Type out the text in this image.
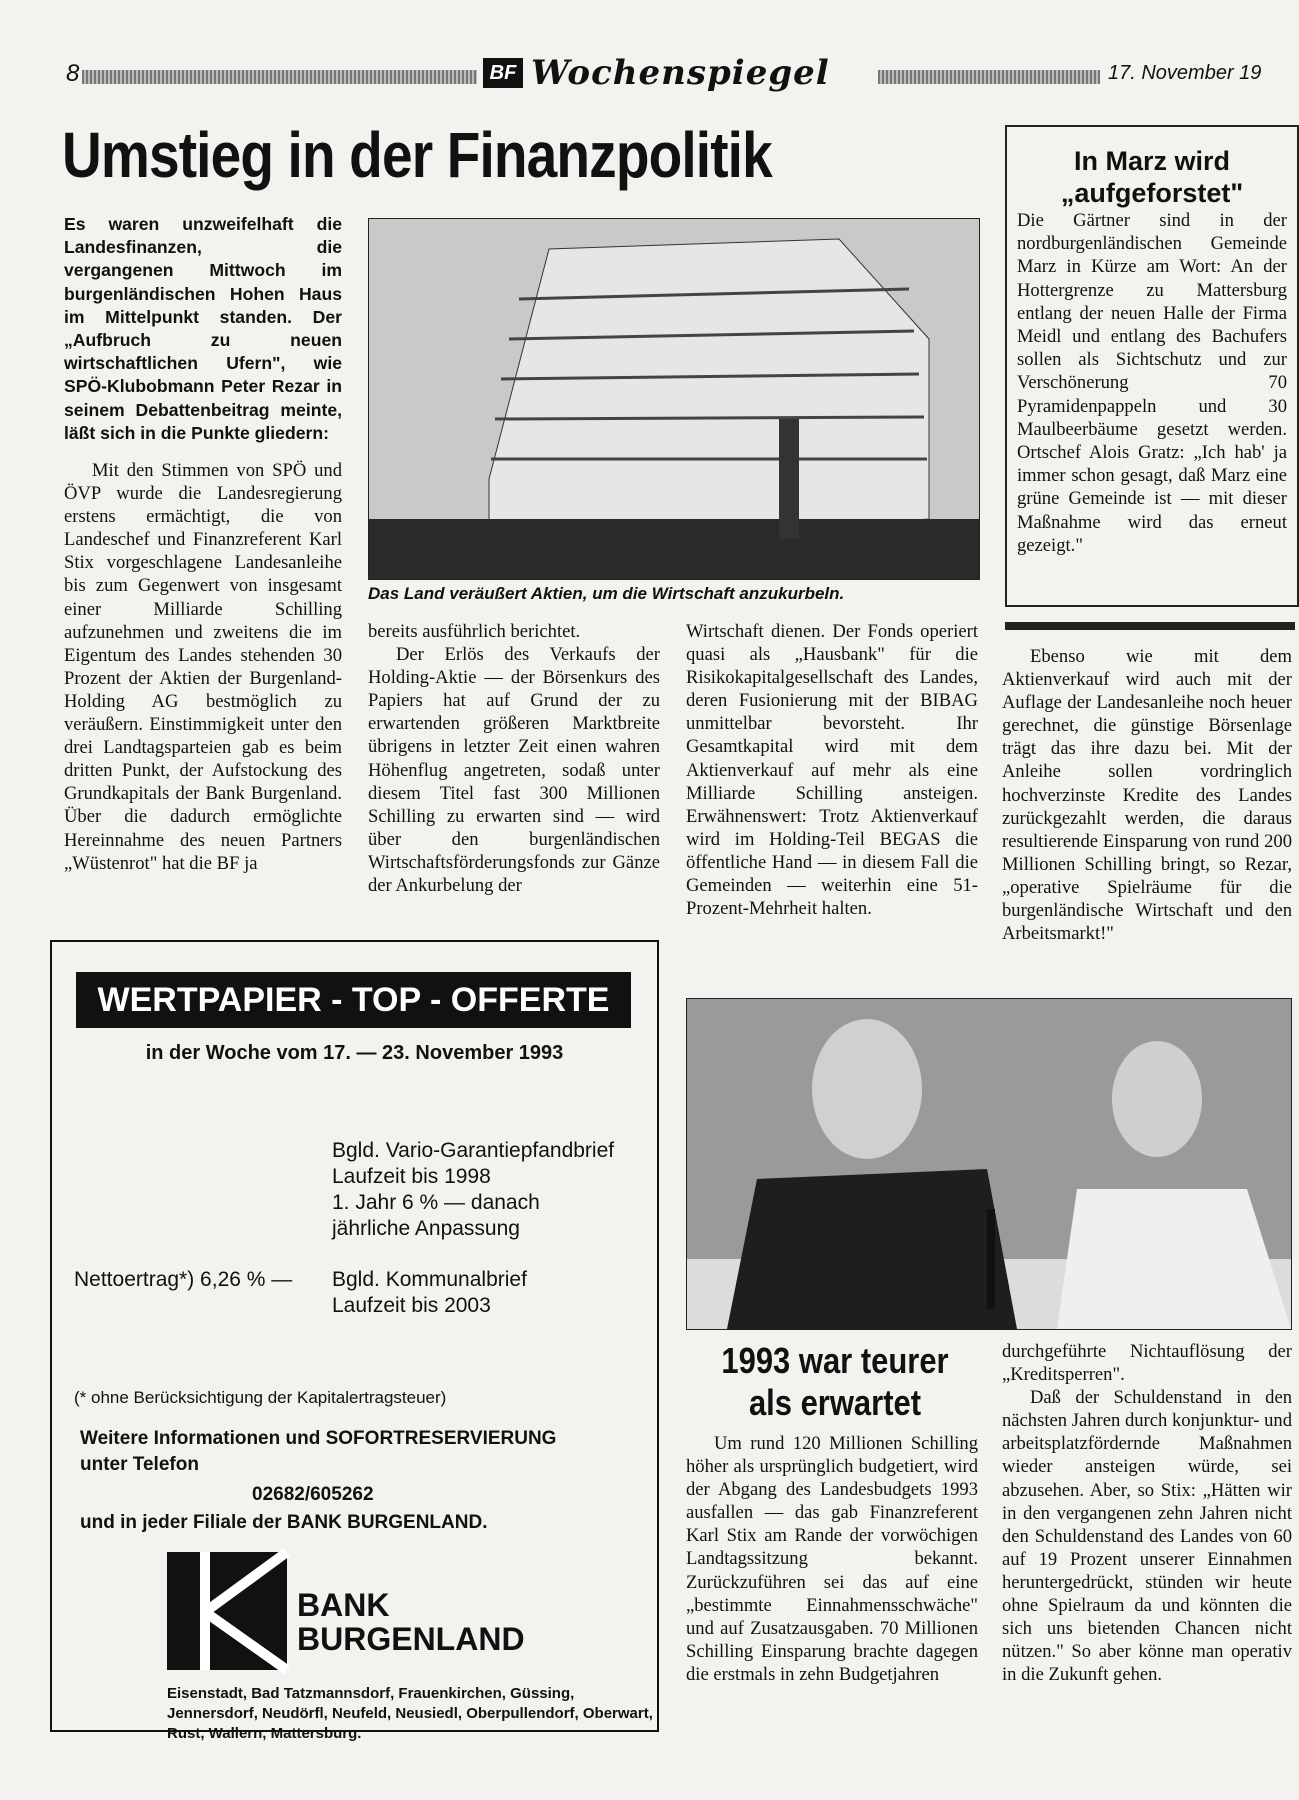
8	BF Wochenspiegel	17. November 19
Umstieg in der Finanzpolitik
Es waren unzweifelhaft die Landesfinanzen, die vergangenen Mittwoch im burgenländischen Hohen Haus im Mittelpunkt standen. Der „Aufbruch zu neuen wirtschaftlichen Ufern", wie SPÖ-Klubobmann Peter Rezar in seinem Debattenbeitrag meinte, läßt sich in die Punkte gliedern:

Mit den Stimmen von SPÖ und ÖVP wurde die Landesregierung erstens ermächtigt, die von Landeschef und Finanzreferent Karl Stix vorgeschlagene Landesanleihe bis zum Gegenwert von insgesamt einer Milliarde Schilling aufzunehmen und zweitens die im Eigentum des Landes stehenden 30 Prozent der Aktien der Burgenland-Holding AG bestmöglich zu veräußern. Einstimmigkeit unter den drei Landtagsparteien gab es beim dritten Punkt, der Aufstockung des Grundkapitals der Bank Burgenland. Über die dadurch ermöglichte Hereinnahme des neuen Partners „Wüstenrot" hat die BF ja

Das Land veräußert Aktien, um die Wirtschaft anzukurbeln.

bereits ausführlich berichtet.

Der Erlös des Verkaufs der Holding-Aktie — der Börsenkurs des Papiers hat auf Grund der zu erwartenden größeren Marktbreite übrigens in letzter Zeit einen wahren Höhenflug angetreten, sodaß unter diesem Titel fast 300 Millionen Schilling zu erwarten sind — wird über den burgenländischen Wirtschaftsförderungsfonds zur Gänze der Ankurbelung der

Wirtschaft dienen. Der Fonds operiert quasi als „Hausbank" für die Risikokapitalgesellschaft des Landes, deren Fusionierung mit der BIBAG unmittelbar bevorsteht. Ihr Gesamtkapital wird mit dem Aktienverkauf auf mehr als eine Milliarde Schilling ansteigen. Erwähnenswert: Trotz Aktienverkauf wird im Holding-Teil BEGAS die öffentliche Hand — in diesem Fall die Gemeinden — weiterhin eine 51-Prozent-Mehrheit halten.

In Marz wird
„aufgeforstet"
Die Gärtner sind in der nordburgenländischen Gemeinde Marz in Kürze am Wort: An der Hottergrenze zu Mattersburg entlang der neuen Halle der Firma Meidl und entlang des Bachufers sollen als Sichtschutz und zur Verschönerung 70 Pyramidenpappeln und 30 Maulbeerbäume gesetzt werden. Ortschef Alois Gratz: „Ich hab' ja immer schon gesagt, daß Marz eine grüne Gemeinde ist — mit dieser Maßnahme wird das erneut gezeigt."

Ebenso wie mit dem Aktienverkauf wird auch mit der Auflage der Landesanleihe noch heuer gerechnet, die günstige Börsenlage trägt das ihre dazu bei. Mit der Anleihe sollen vordringlich hochverzinste Kredite des Landes zurückgezahlt werden, die daraus resultierende Einsparung von rund 200 Millionen Schilling bringt, so Rezar, „operative Spielräume für die burgenländische Wirtschaft und den Arbeitsmarkt!"

WERTPAPIER - TOP - OFFERTE
in der Woche vom 17. — 23. November 1993
Bgld. Vario-Garantiepfandbrief
Laufzeit bis 1998
1. Jahr 6 % — danach
jährliche Anpassung
Nettoertrag*) 6,26 % — Bgld. Kommunalbrief
Laufzeit bis 2003
(* ohne Berücksichtigung der Kapitalertragsteuer)
Weitere Informationen und SOFORTRESERVIERUNG
unter Telefon
02682/605262
und in jeder Filiale der BANK BURGENLAND.
BANK
BURGENLAND
Eisenstadt, Bad Tatzmannsdorf, Frauenkirchen, Güssing, Jennersdorf, Neudörfl, Neufeld, Neusiedl, Oberpullendorf, Oberwart, Rust, Wallern, Mattersburg.
1993 war teurer
als erwartet

Um rund 120 Millionen Schilling höher als ursprünglich budgetiert, wird der Abgang des Landesbudgets 1993 ausfallen — das gab Finanzreferent Karl Stix am Rande der vorwöchigen Landtagssitzung bekannt. Zurückzuführen sei das auf eine „bestimmte Einnahmensschwäche" und auf Zusatzausgaben. 70 Millionen Schilling Einsparung brachte dagegen die erstmals in zehn Budgetjahren

durchgeführte Nichtauflösung der „Kreditsperren".

Daß der Schuldenstand in den nächsten Jahren durch konjunktur- und arbeitsplatzfördernde Maßnahmen wieder ansteigen würde, sei abzusehen. Aber, so Stix: „Hätten wir in den vergangenen zehn Jahren nicht den Schuldenstand des Landes von 60 auf 19 Prozent unserer Einnahmen heruntergedrückt, stünden wir heute ohne Spielraum da und könnten die sich uns bietenden Chancen nicht nützen." So aber könne man operativ in die Zukunft gehen.
